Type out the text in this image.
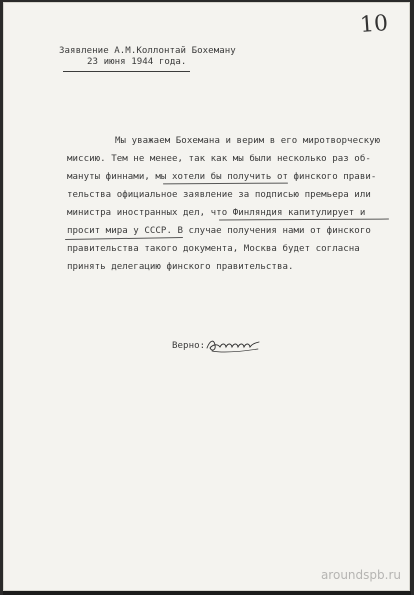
10
Заявление А.М.Коллонтай Бохеману
23 июня 1944 года.

Мы уважаем Бохемана и верим в его миротворческую

миссию. Тем не менее, так как мы были несколько раз об-

мануты финнами, мы хотели бы получить от финского прави-

тельства официальное заявление за подписью премьера или

министра иностранных дел, что Финляндия капитулирует и

просит мира у СССР. В случае получения нами от финского

правительства такого документа, Москва будет согласна

принять делегацию финского правительства.

Верно:
aroundspb.ru
